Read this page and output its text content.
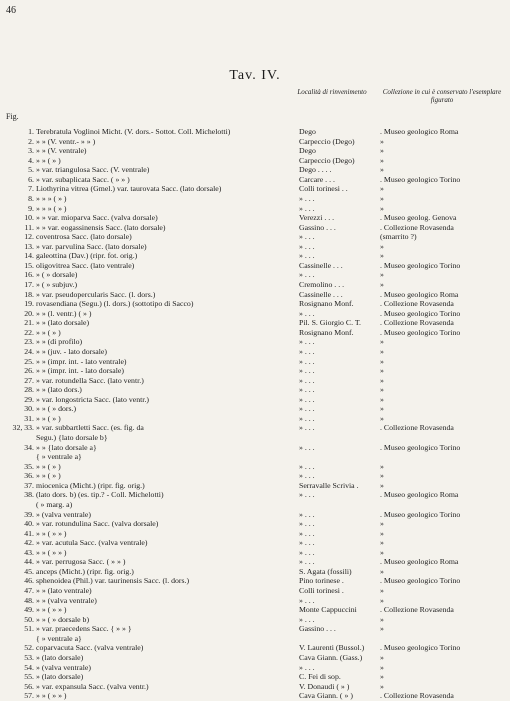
46
Tav. IV.
Località di rinvenimento	Collezione in cui è conservato l'esemplare figurato
Fig.
1. Terebratula Voglinoi Micht. (V. dors.- Sottot. Coll. Michelotti)	Dego	. Museo geologico Roma
2. » » (V. ventr.- » » )	Carpeccio (Dego)	»
3. » » (V. ventrale)	Dego	»
4. » » ( » )	Carpeccio (Dego)	»
5. » var. triangulosa Sacc. (V. ventrale)	Dego . . . .	»
6. » var. subaplicata Sacc. ( » » )	Carcare . . .	. Museo geologico Torino
7. Liothyrina vitrea (Gmel.) var. taurovata Sacc. (lato dorsale)	Colli torinesi . .	»
8. » » » ( » )	» . . .	»
9. » » » ( » )	» . . .	»
10. » » var. mioparva Sacc. (valva dorsale)	Verezzi . . .	. Museo geolog. Genova
11. » » var. eogassinensis Sacc. (lato dorsale)	Gassino . . .	. Collezione Rovasenda
12. coventrosa Sacc. (lato dorsale)	» . . .	(smarrito ?)
13. » var. parvulina Sacc. (lato dorsale)	» . . .	»
14. galeottina (Dav.) (ripr. fot. orig.)	» . . .	»
15. oligovitrea Sacc. (lato ventrale)	Cassinelle . . .	. Museo geologico Torino
16. » ( » dorsale)	» . . .	»
17. » ( » subjuv.)	Cremolino . . .	»
18. » var. pseudopercularis Sacc. (l. dors.)	Cassinelle . . .	. Museo geologico Roma
19. rovasendiana (Segu.) (l. dors.) (sottotipo di Sacco)	Rosignano Monf.	. Collezione Rovasenda
20. » » (l. ventr.) ( » )	» . . .	. Museo geologico Torino
21. » » (lato dorsale)	Pil. S. Giorgio C. T.	. Collezione Rovasenda
22. » » ( » )	Rosignano Monf.	. Museo geologico Torino
23. » » (di profilo)	» . . .	»
24. » » (juv. - lato dorsale)	» . . .	»
25. » » (impr. int. - lato ventrale)	» . . .	»
26. » » (impr. int. - lato dorsale)	» . . .	»
27. » var. rotundella Sacc. (lato ventr.)	» . . .	»
28. » » (lato dors.)	» . . .	»
29. » var. longostricta Sacc. (lato ventr.)	» . . .	»
30. » » ( » dors.)	» . . .	»
31. » » ( » )	» . . .	»
32, 33. » var. subbartletti Sacc. (es. fig. da	» . . .	. Collezione Rovasenda
Segu.) {lato dorsale b}
34. » » {lato dorsale a}	» . . .	. Museo geologico Torino
{ » ventrale a}
35. » » ( » )	» . . .	»
36. » » ( » )	» . . .	»
37. miocenica (Micht.) (ripr. fig. orig.)	Serravalle Scrivia .	»
38. (lato dors. b) (es. tip.? - Coll. Michelotti)	» . . .	. Museo geologico Roma
( » marg. a)
39. » (valva ventrale)	» . . .	. Museo geologico Torino
40. » var. rotundulina Sacc. (valva dorsale)	» . . .	»
41. » » ( » » )	» . . .	»
42. » var. acutula Sacc. (valva ventrale)	» . . .	»
43. » » ( » » )	» . . .	»
44. » var. perrugosa Sacc. ( » » )	» . . .	. Museo geologico Roma
45. anceps (Micht.) (ripr. fig. orig.)	S. Agata (fossili)	»
46. sphenoidea (Phil.) var. taurinensis Sacc. (l. dors.)	Pino torinese .	. Museo geologico Torino
47. » » (lato ventrale)	Colli torinesi .	»
48. » » (valva ventrale)	» . . .	»
49. » » ( » » )	Monte Cappuccini	. Collezione Rovasenda
50. » » ( » dorsale b)	» . . .	»
51. » var. praecedens Sacc. { » » }	Gassino . . .	»
{ » ventrale a}
52. coparvacuta Sacc. (valva ventrale)	V. Laurenti (Bussol.)	. Museo geologico Torino
53. » (lato dorsale)	Cava Giann. (Gass.)	»
54. » (valva ventrale)	» . . .	»
55. » (lato dorsale)	C. Fei di sop.	»
56. » var. expansula Sacc. (valva ventr.)	V. Donaudi ( » )	»
57. » » ( » » )	Cava Giann. ( » )	. Collezione Rovasenda
